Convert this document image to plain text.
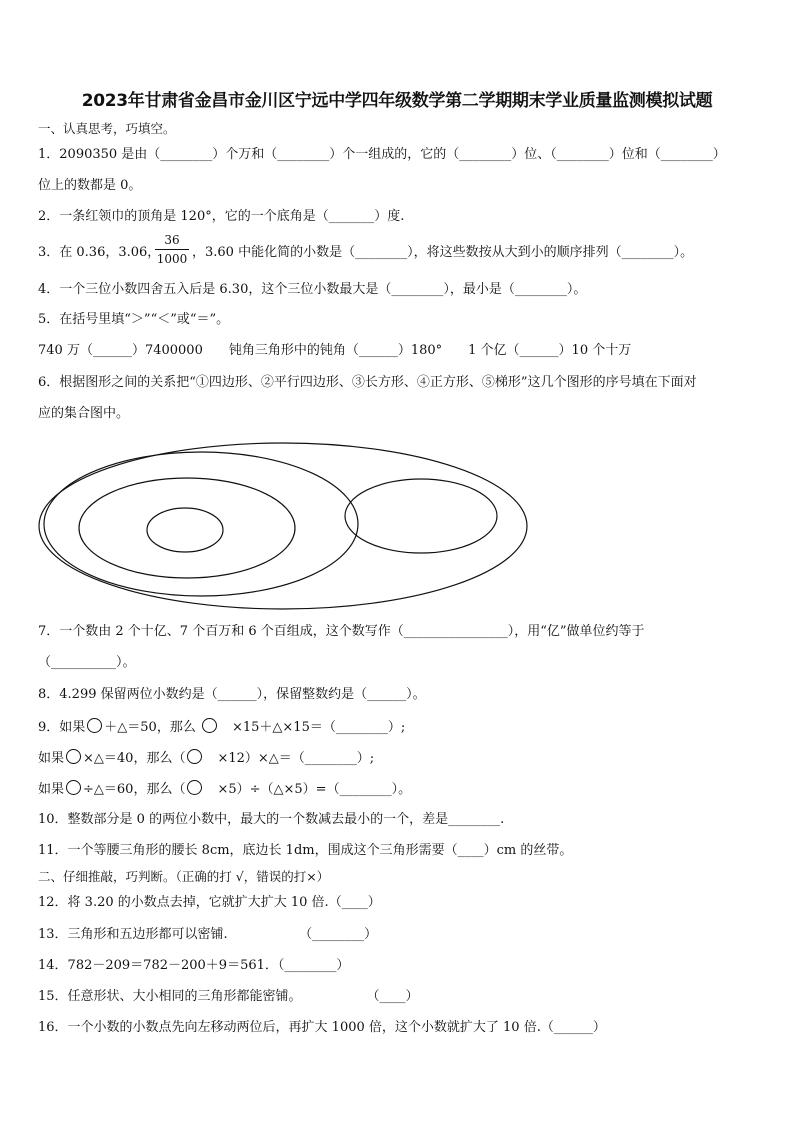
2023年甘肃省金昌市金川区宁远中学四年级数学第二学期期末学业质量监测模拟试题
一、认真思考，巧填空。
1．2090350 是由（________）个万和（________）个一组成的，它的（________）位、（________）位和（________）
位上的数都是 0。
2．一条红领巾的顶角是 120°，它的一个底角是（_______）度.
3．在 0.36，3.06，
36
1000 ，3.60 中能化简的小数是（________），将这些数按从大到小的顺序排列（________）。
4．一个三位小数四舍五入后是 6.30，这个三位小数最大是（________），最小是（________）。
5．在括号里填“＞”“＜”或“＝”。
740 万（______）7400000　　钝角三角形中的钝角（______）180°　　1 个亿（______）10 个十万
6．根据图形之间的关系把“①四边形、②平行四边形、③长方形、④正方形、⑤梯形”这几个图形的序号填在下面对
应的集合图中。
7．一个数由 2 个十亿、7 个百万和 6 个百组成，这个数写作（________________），用“亿”做单位约等于
（__________）。
8．4.299 保留两位小数约是（______），保留整数约是（______）。
9．如果 ＋△＝50，那么 　	×15＋△×15＝（________）;
如果 ×△＝40，那么（　 ×12）×△＝（________）;
如果 ÷△＝60，那么（　 ×5）÷（△×5）=（________）。
10．整数部分是 0 的两位小数中，最大的一个数减去最小的一个，差是________.
11．一个等腰三角形的腰长 8cm，底边长 1dm，围成这个三角形需要（____）cm 的丝带。
二、仔细推敲，巧判断。（正确的打 √，错误的打×）
12．将 3.20 的小数点去掉，它就扩大扩大 10 倍.（____）
13．三角形和五边形都可以密铺.　　　　　　（________）
14．782－209＝782－200＋9＝561．（________）
15．任意形状、大小相同的三角形都能密铺。　　　　　　（____）
16．一个小数的小数点先向左移动两位后，再扩大 1000 倍，这个小数就扩大了 10 倍.（______）
